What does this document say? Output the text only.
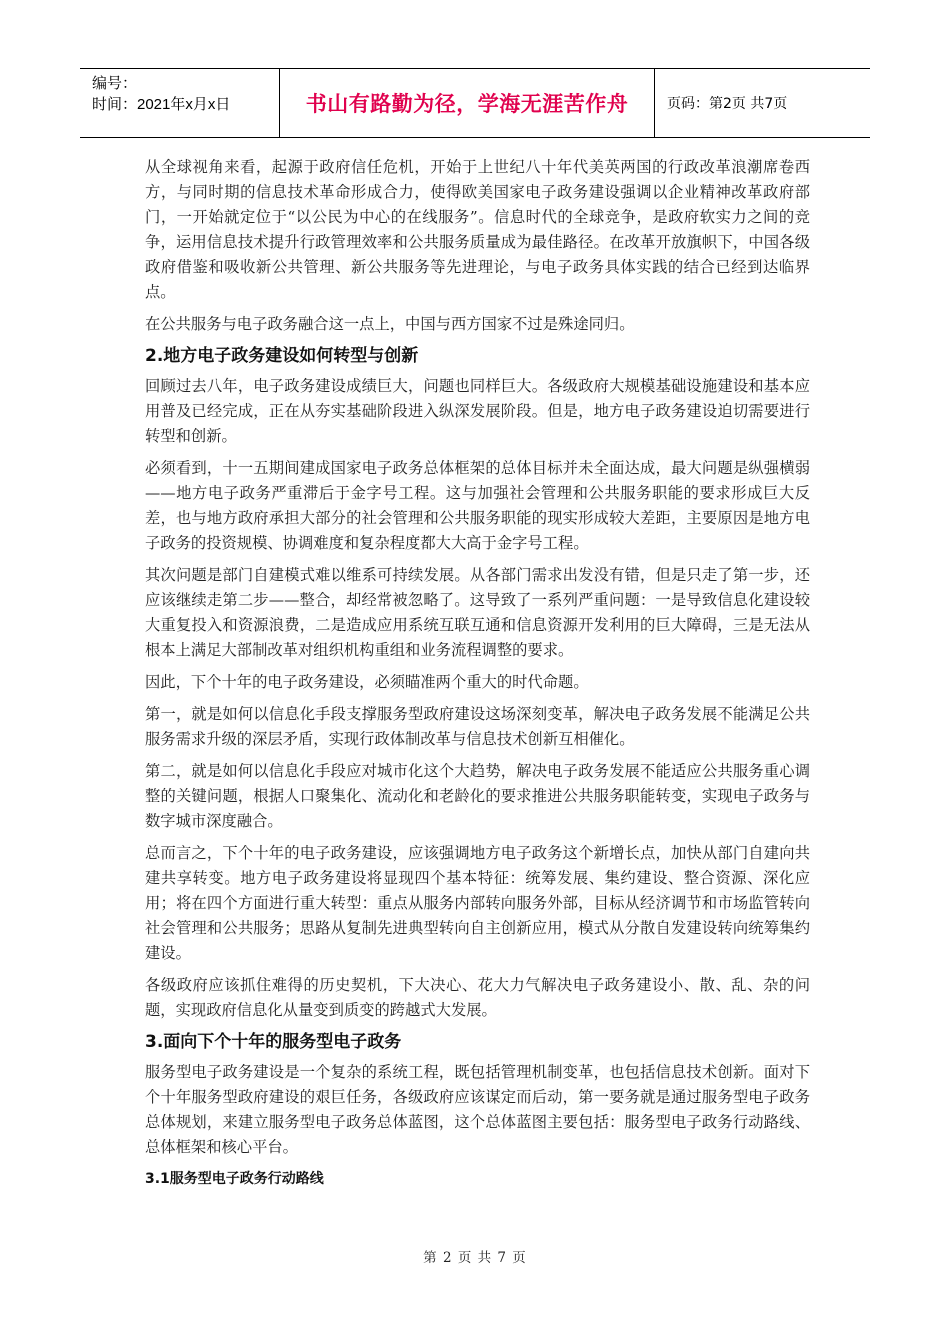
编号：
时间：2021年x月x日	书山有路勤为径，学海无涯苦作舟	页码：第2页 共7页

从全球视角来看，起源于政府信任危机，开始于上世纪八十年代美英两国的行政改革浪潮席卷西方，与同时期的信息技术革命形成合力，使得欧美国家电子政务建设强调以企业精神改革政府部门，一开始就定位于“以公民为中心的在线服务”。信息时代的全球竞争，是政府软实力之间的竞争，运用信息技术提升行政管理效率和公共服务质量成为最佳路径。在改革开放旗帜下，中国各级政府借鉴和吸收新公共管理、新公共服务等先进理论，与电子政务具体实践的结合已经到达临界点。

在公共服务与电子政务融合这一点上，中国与西方国家不过是殊途同归。

2.地方电子政务建设如何转型与创新

回顾过去八年，电子政务建设成绩巨大，问题也同样巨大。各级政府大规模基础设施建设和基本应用普及已经完成，正在从夯实基础阶段进入纵深发展阶段。但是，地方电子政务建设迫切需要进行转型和创新。

必须看到，十一五期间建成国家电子政务总体框架的总体目标并未全面达成，最大问题是纵强横弱——地方电子政务严重滞后于金字号工程。这与加强社会管理和公共服务职能的要求形成巨大反差，也与地方政府承担大部分的社会管理和公共服务职能的现实形成较大差距，主要原因是地方电子政务的投资规模、协调难度和复杂程度都大大高于金字号工程。

其次问题是部门自建模式难以维系可持续发展。从各部门需求出发没有错，但是只走了第一步，还应该继续走第二步——整合，却经常被忽略了。这导致了一系列严重问题：一是导致信息化建设较大重复投入和资源浪费，二是造成应用系统互联互通和信息资源开发利用的巨大障碍，三是无法从根本上满足大部制改革对组织机构重组和业务流程调整的要求。

因此，下个十年的电子政务建设，必须瞄准两个重大的时代命题。

第一，就是如何以信息化手段支撑服务型政府建设这场深刻变革，解决电子政务发展不能满足公共服务需求升级的深层矛盾，实现行政体制改革与信息技术创新互相催化。

第二，就是如何以信息化手段应对城市化这个大趋势，解决电子政务发展不能适应公共服务重心调整的关键问题，根据人口聚集化、流动化和老龄化的要求推进公共服务职能转变，实现电子政务与数字城市深度融合。

总而言之，下个十年的电子政务建设，应该强调地方电子政务这个新增长点，加快从部门自建向共建共享转变。地方电子政务建设将显现四个基本特征：统筹发展、集约建设、整合资源、深化应用；将在四个方面进行重大转型：重点从服务内部转向服务外部，目标从经济调节和市场监管转向社会管理和公共服务；思路从复制先进典型转向自主创新应用，模式从分散自发建设转向统筹集约建设。

各级政府应该抓住难得的历史契机，下大决心、花大力气解决电子政务建设小、散、乱、杂的问题，实现政府信息化从量变到质变的跨越式大发展。

3.面向下个十年的服务型电子政务

服务型电子政务建设是一个复杂的系统工程，既包括管理机制变革，也包括信息技术创新。面对下个十年服务型政府建设的艰巨任务，各级政府应该谋定而后动，第一要务就是通过服务型电子政务总体规划，来建立服务型电子政务总体蓝图，这个总体蓝图主要包括：服务型电子政务行动路线、总体框架和核心平台。

3.1服务型电子政务行动路线
第 2 页 共 7 页
